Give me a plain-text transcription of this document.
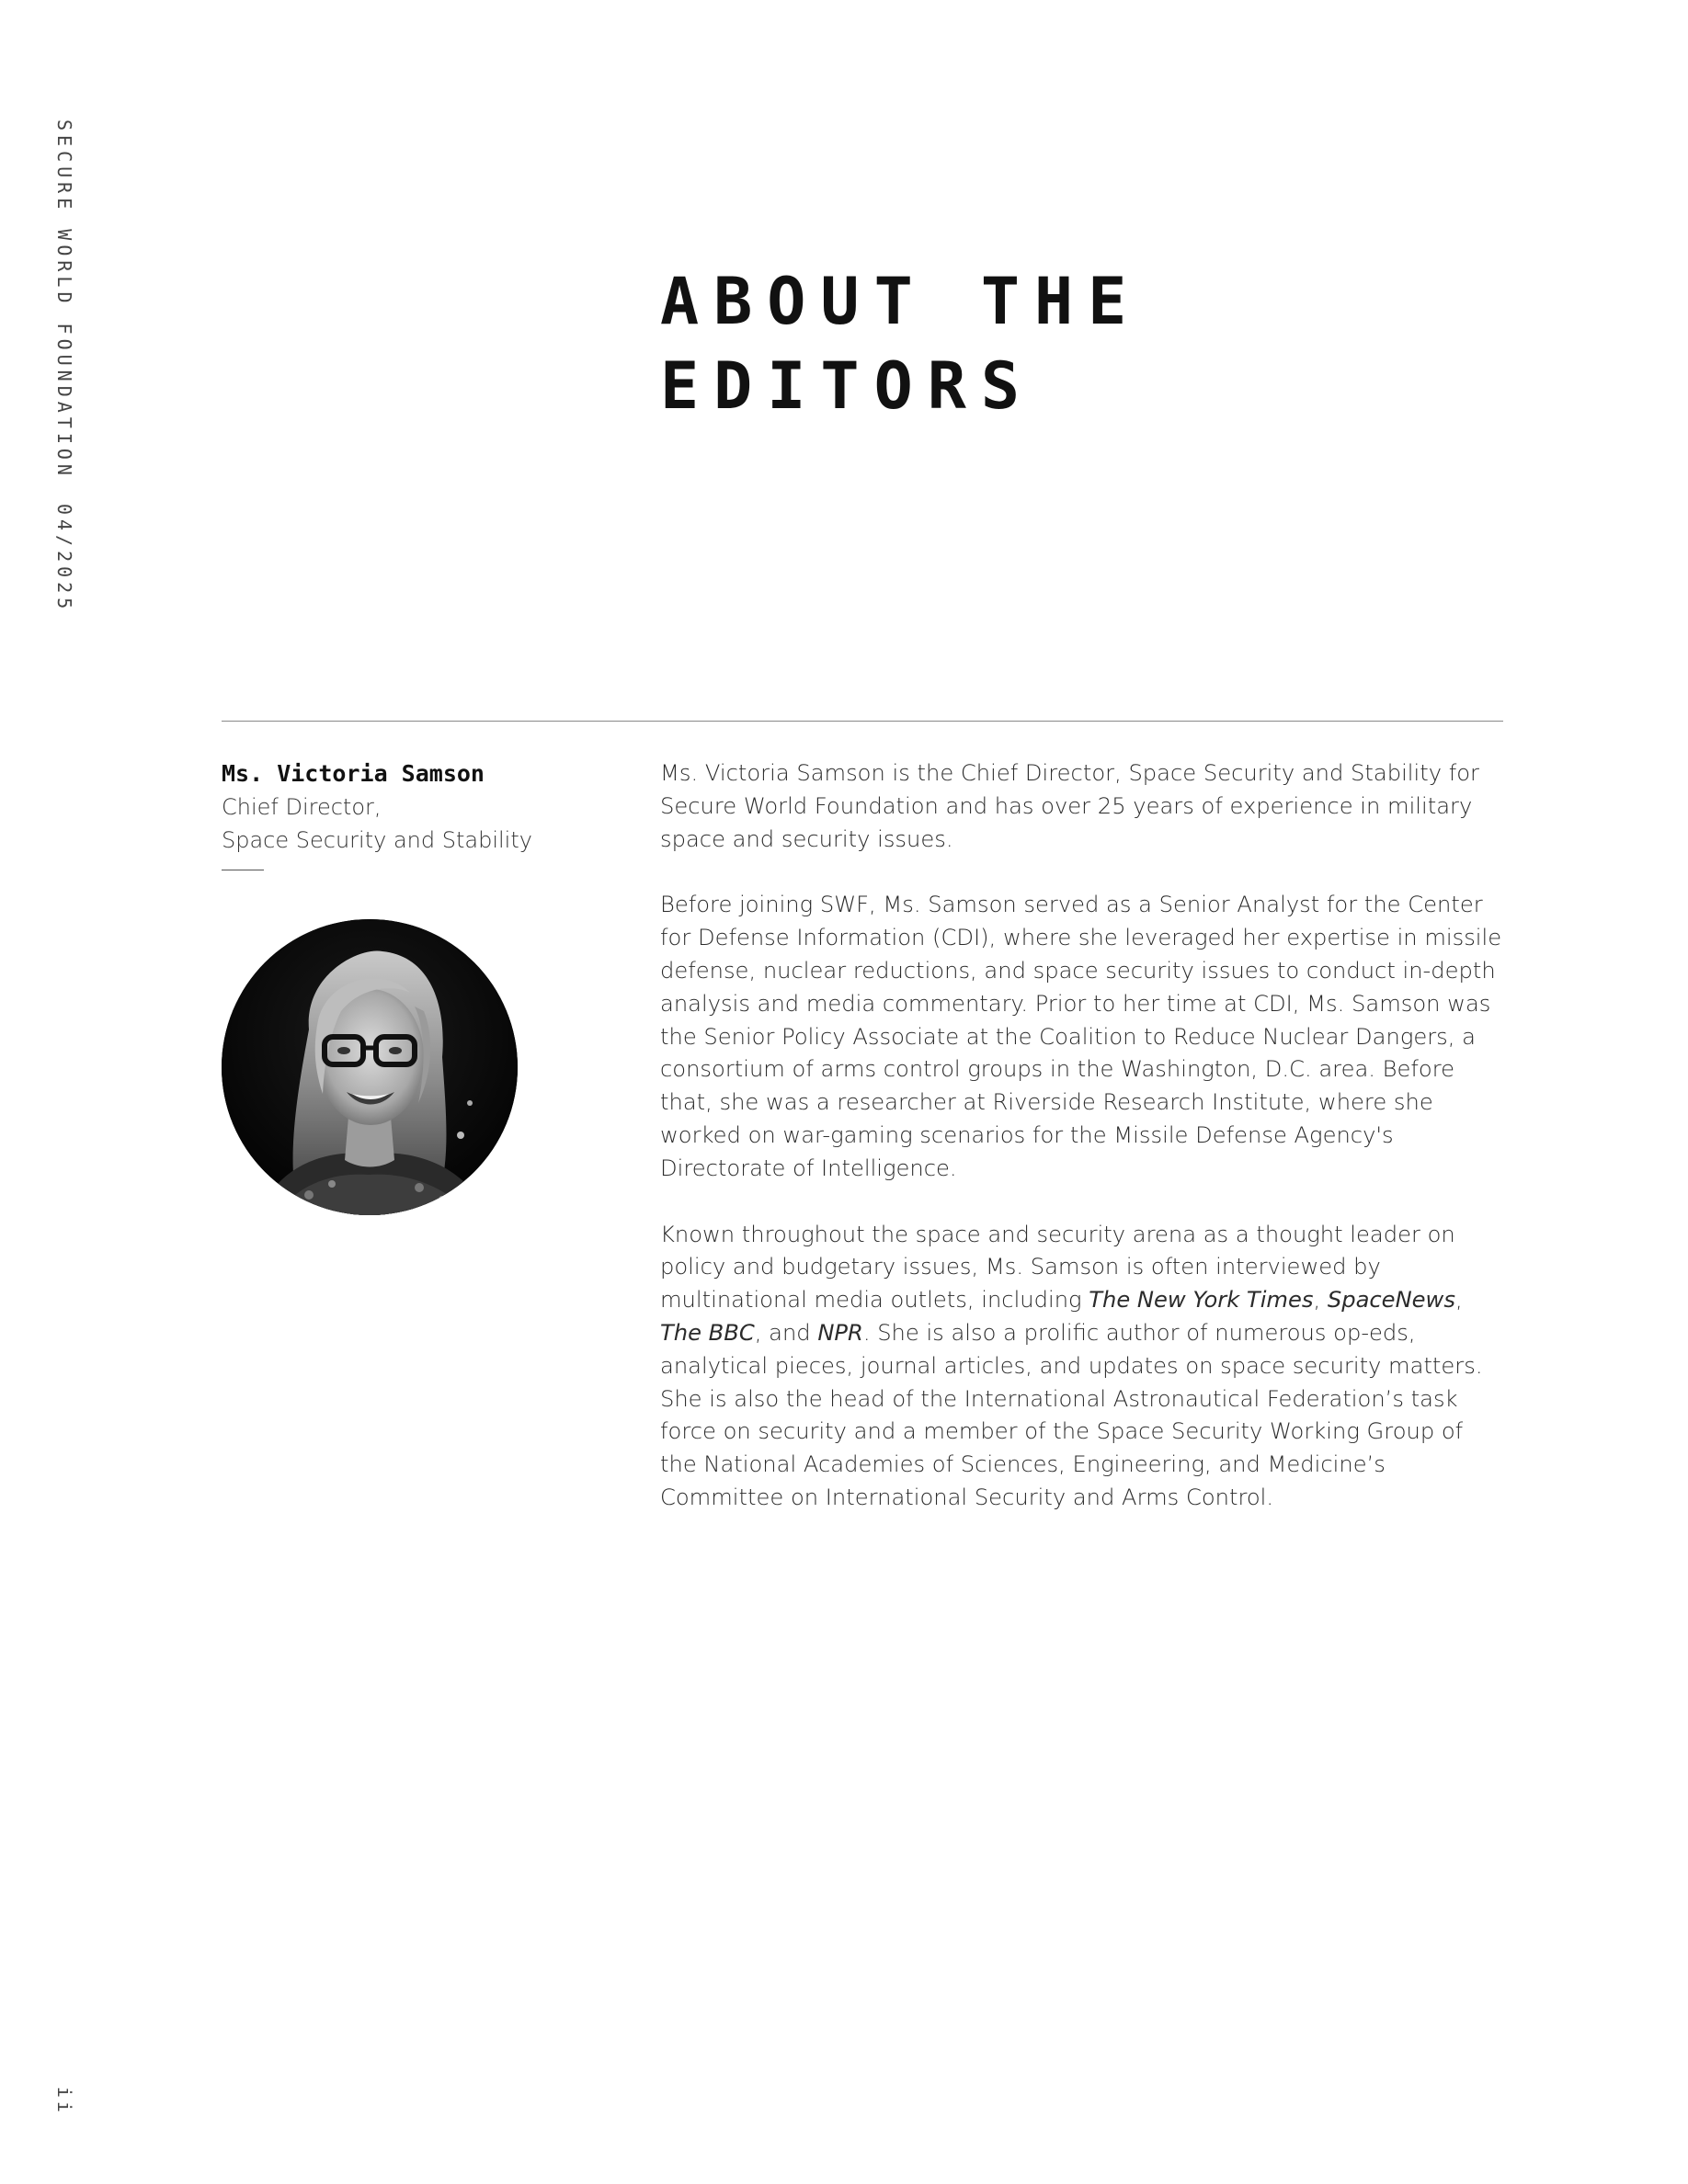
SECURE WORLD FOUNDATION04/2025
ii
ABOUT THE
EDITORS
Ms. Victoria Samson
Chief Director,
Space Security and Stability

Ms. Victoria Samson is the Chief Director, Space Security and Stability for Secure World Foundation and has over 25 years of experience in military space and security issues.

Before joining SWF, Ms. Samson served as a Senior Analyst for the Center for Defense Information (CDI), where she leveraged her expertise in missile defense, nuclear reductions, and space security issues to conduct in-depth analysis and media commentary. Prior to her time at CDI, Ms. Samson was the Senior Policy Associate at the Coalition to Reduce Nuclear Dangers, a consortium of arms control groups in the Washington, D.C. area. Before that, she was a researcher at Riverside Research Institute, where she worked on war-gaming scenarios for the Missile Defense Agency's Directorate of Intelligence.

Known throughout the space and security arena as a thought leader on policy and budgetary issues, Ms. Samson is often interviewed by multinational media outlets, including The New York Times, SpaceNews, The BBC, and NPR. She is also a prolific author of numerous op-eds, analytical pieces, journal articles, and updates on space security matters. She is also the head of the International Astronautical Federation’s task force on security and a member of the Space Security Working Group of the National Academies of Sciences, Engineering, and Medicine’s Committee on International Security and Arms Control.
